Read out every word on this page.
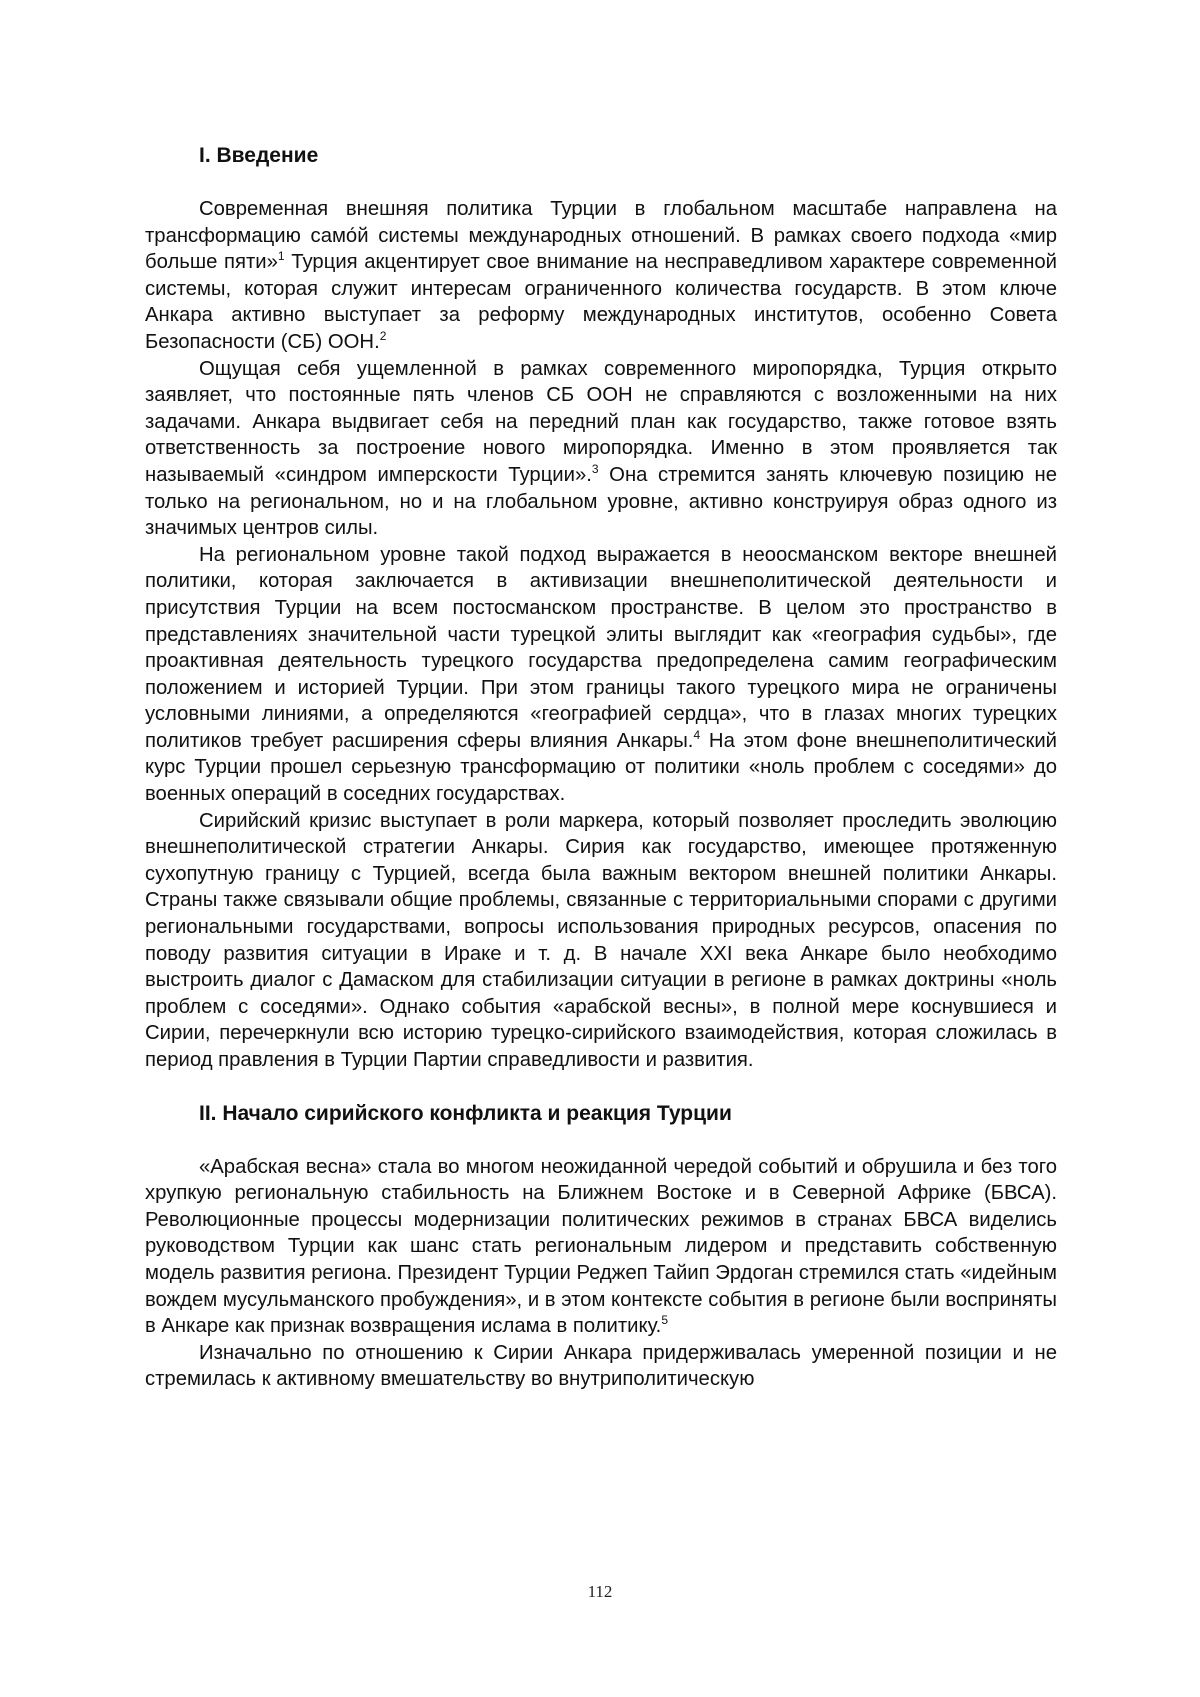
I. Введение

Современная внешняя политика Турции в глобальном масштабе направлена на трансформацию само́й системы международных отношений. В рамках своего подхода «мир больше пяти»$^1$ Турция акцентирует свое внимание на несправедливом характере современной системы, которая служит интересам ограниченного количества государств. В этом ключе Анкара активно выступает за реформу международных институтов, особенно Совета Безопасности (СБ) ООН.$^2$

Ощущая себя ущемленной в рамках современного миропорядка, Турция открыто заявляет, что постоянные пять членов СБ ООН не справляются с возложенными на них задачами. Анкара выдвигает себя на передний план как государство, также готовое взять ответственность за построение нового миропорядка. Именно в этом проявляется так называемый «синдром имперскости Турции».$^3$ Она стремится занять ключевую позицию не только на региональном, но и на глобальном уровне, активно конструируя образ одного из значимых центров силы.

На региональном уровне такой подход выражается в неоосманском векторе внешней политики, которая заключается в активизации внешнеполитической деятельности и присутствия Турции на всем постосманском пространстве. В целом это пространство в представлениях значительной части турецкой элиты выглядит как «география судьбы», где проактивная деятельность турецкого государства предопределена самим географическим положением и историей Турции. При этом границы такого турецкого мира не ограничены условными линиями, а определяются «географией сердца», что в глазах многих турецких политиков требует расширения сферы влияния Анкары.$^4$ На этом фоне внешнеполитический курс Турции прошел серьезную трансформацию от политики «ноль проблем с соседями» до военных операций в соседних государствах.

Сирийский кризис выступает в роли маркера, который позволяет проследить эволюцию внешнеполитической стратегии Анкары. Сирия как государство, имеющее протяженную сухопутную границу с Турцией, всегда была важным вектором внешней политики Анкары. Страны также связывали общие проблемы, связанные с территориальными спорами с другими региональными государствами, вопросы использования природных ресурсов, опасения по поводу развития ситуации в Ираке и т. д. В начале XXI века Анкаре было необходимо выстроить диалог с Дамаском для стабилизации ситуации в регионе в рамках доктрины «ноль проблем с соседями». Однако события «арабской весны», в полной мере коснувшиеся и Сирии, перечеркнули всю историю турецко-сирийского взаимодействия, которая сложилась в период правления в Турции Партии справедливости и развития.

II. Начало сирийского конфликта и реакция Турции

«Арабская весна» стала во многом неожиданной чередой событий и обрушила и без того хрупкую региональную стабильность на Ближнем Востоке и в Северной Африке (БВСА). Революционные процессы модернизации политических режимов в странах БВСА виделись руководством Турции как шанс стать региональным лидером и представить собственную модель развития региона. Президент Турции Реджеп Тайип Эрдоган стремился стать «идейным вождем мусульманского пробуждения», и в этом контексте события в регионе были восприняты в Анкаре как признак возвращения ислама в политику.$^5$

Изначально по отношению к Сирии Анкара придерживалась умеренной позиции и не стремилась к активному вмешательству во внутриполитическую

112
